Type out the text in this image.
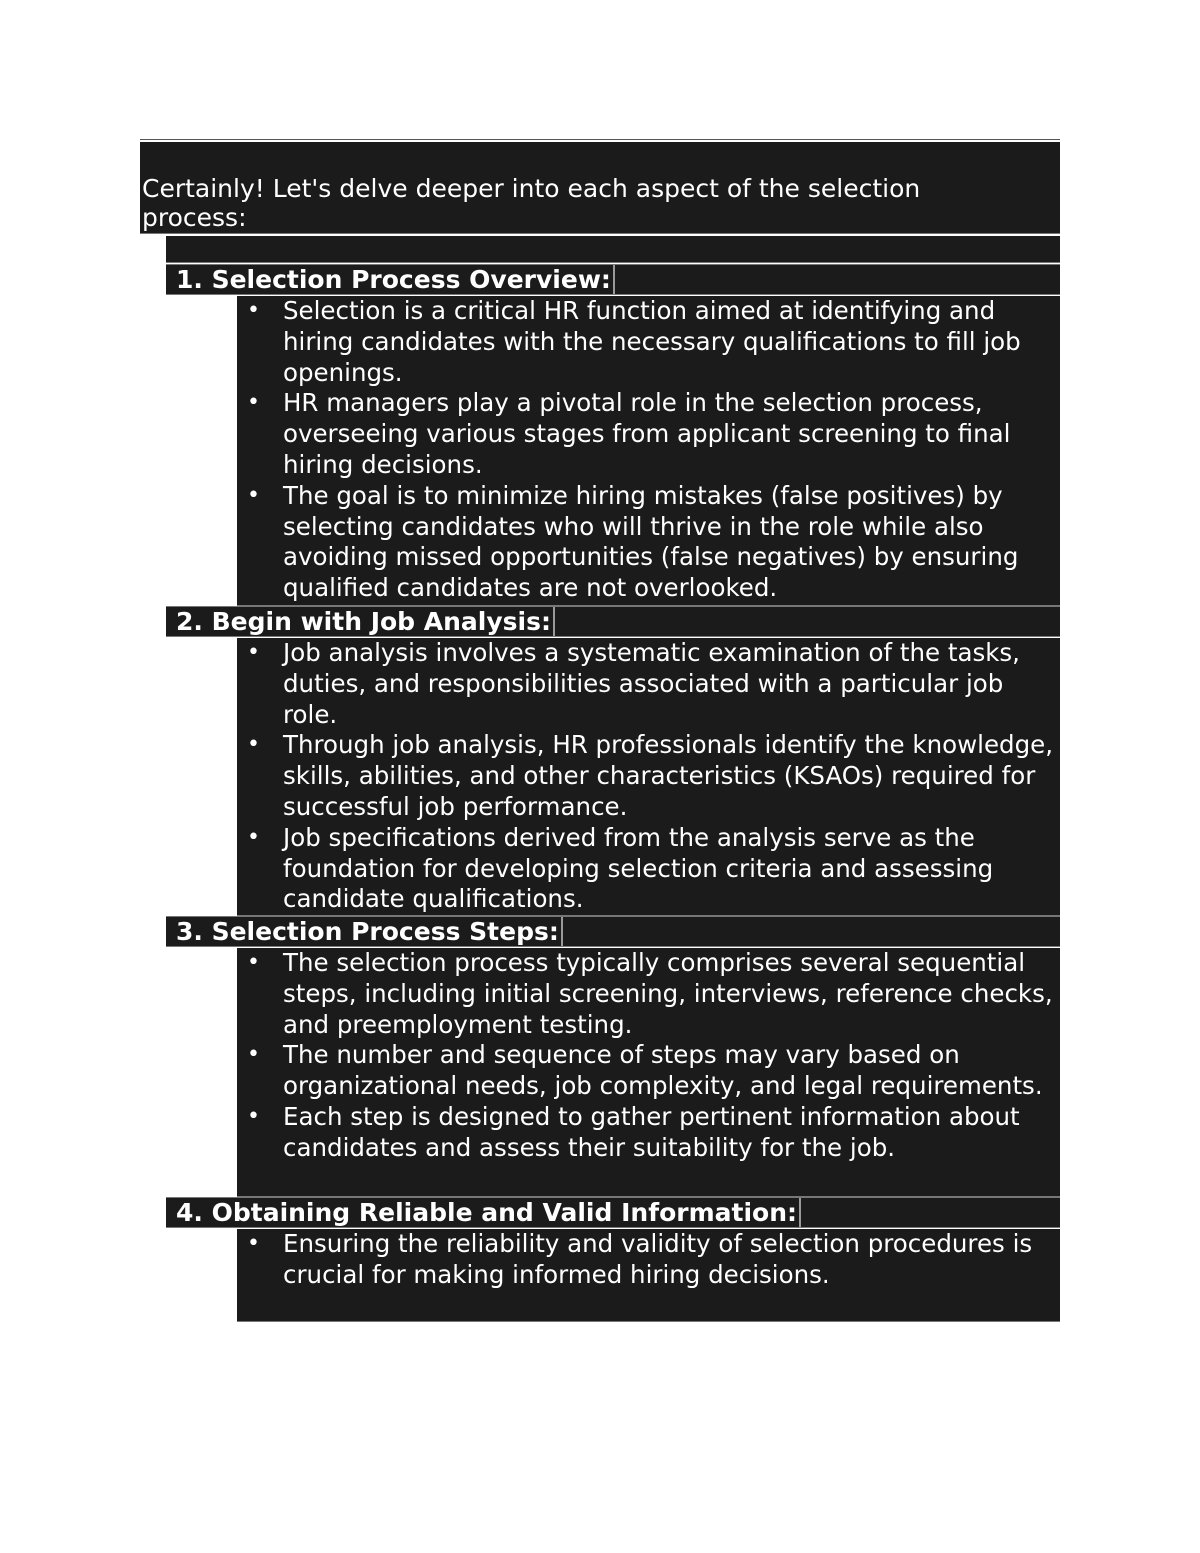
Certainly! Let's delve deeper into each aspect of the selection
process:
1. Selection Process Overview:
• Selection is a critical HR function aimed at identifying and hiring candidates with the necessary qualifications to fill job openings.
• HR managers play a pivotal role in the selection process, overseeing various stages from applicant screening to final hiring decisions.
• The goal is to minimize hiring mistakes (false positives) by selecting candidates who will thrive in the role while also avoiding missed opportunities (false negatives) by ensuring qualified candidates are not overlooked.
2. Begin with Job Analysis:
• Job analysis involves a systematic examination of the tasks, duties, and responsibilities associated with a particular job role.
• Through job analysis, HR professionals identify the knowledge, skills, abilities, and other characteristics (KSAOs) required for successful job performance.
• Job specifications derived from the analysis serve as the foundation for developing selection criteria and assessing candidate qualifications.
3. Selection Process Steps:
• The selection process typically comprises several sequential steps, including initial screening, interviews, reference checks, and preemployment testing.
• The number and sequence of steps may vary based on organizational needs, job complexity, and legal requirements.
• Each step is designed to gather pertinent information about candidates and assess their suitability for the job.
4. Obtaining Reliable and Valid Information:
• Ensuring the reliability and validity of selection procedures is crucial for making informed hiring decisions.
